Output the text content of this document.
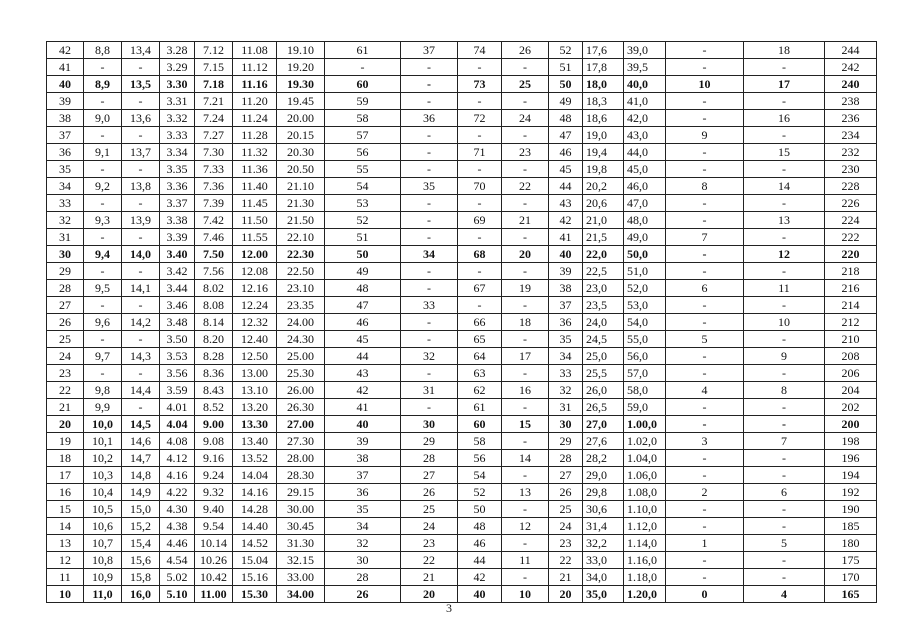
42	8,8	13,4	3.28	7.12	11.08	19.10	61	37	74	26	52	17,6	39,0	-	18	244
41	-	-	3.29	7.15	11.12	19.20	-	-	-	-	51	17,8	39,5	-	-	242
40	8,9	13,5	3.30	7.18	11.16	19.30	60	-	73	25	50	18,0	40,0	10	17	240
39	-	-	3.31	7.21	11.20	19.45	59	-	-	-	49	18,3	41,0	-	-	238
38	9,0	13,6	3.32	7.24	11.24	20.00	58	36	72	24	48	18,6	42,0	-	16	236
37	-	-	3.33	7.27	11.28	20.15	57	-	-	-	47	19,0	43,0	9	-	234
36	9,1	13,7	3.34	7.30	11.32	20.30	56	-	71	23	46	19,4	44,0	-	15	232
35	-	-	3.35	7.33	11.36	20.50	55	-	-	-	45	19,8	45,0	-	-	230
34	9,2	13,8	3.36	7.36	11.40	21.10	54	35	70	22	44	20,2	46,0	8	14	228
33	-	-	3.37	7.39	11.45	21.30	53	-	-	-	43	20,6	47,0	-	-	226
32	9,3	13,9	3.38	7.42	11.50	21.50	52	-	69	21	42	21,0	48,0	-	13	224
31	-	-	3.39	7.46	11.55	22.10	51	-	-	-	41	21,5	49,0	7	-	222
30	9,4	14,0	3.40	7.50	12.00	22.30	50	34	68	20	40	22,0	50,0	-	12	220
29	-	-	3.42	7.56	12.08	22.50	49	-	-	-	39	22,5	51,0	-	-	218
28	9,5	14,1	3.44	8.02	12.16	23.10	48	-	67	19	38	23,0	52,0	6	11	216
27	-	-	3.46	8.08	12.24	23.35	47	33	-	-	37	23,5	53,0	-	-	214
26	9,6	14,2	3.48	8.14	12.32	24.00	46	-	66	18	36	24,0	54,0	-	10	212
25	-	-	3.50	8.20	12.40	24.30	45	-	65	-	35	24,5	55,0	5	-	210
24	9,7	14,3	3.53	8.28	12.50	25.00	44	32	64	17	34	25,0	56,0	-	9	208
23	-	-	3.56	8.36	13.00	25.30	43	-	63	-	33	25,5	57,0	-	-	206
22	9,8	14,4	3.59	8.43	13.10	26.00	42	31	62	16	32	26,0	58,0	4	8	204
21	9,9	-	4.01	8.52	13.20	26.30	41	-	61	-	31	26,5	59,0	-	-	202
20	10,0	14,5	4.04	9.00	13.30	27.00	40	30	60	15	30	27,0	1.00,0	-	-	200
19	10,1	14,6	4.08	9.08	13.40	27.30	39	29	58	-	29	27,6	1.02,0	3	7	198
18	10,2	14,7	4.12	9.16	13.52	28.00	38	28	56	14	28	28,2	1.04,0	-	-	196
17	10,3	14,8	4.16	9.24	14.04	28.30	37	27	54	-	27	29,0	1.06,0	-	-	194
16	10,4	14,9	4.22	9.32	14.16	29.15	36	26	52	13	26	29,8	1.08,0	2	6	192
15	10,5	15,0	4.30	9.40	14.28	30.00	35	25	50	-	25	30,6	1.10,0	-	-	190
14	10,6	15,2	4.38	9.54	14.40	30.45	34	24	48	12	24	31,4	1.12,0	-	-	185
13	10,7	15,4	4.46	10.14	14.52	31.30	32	23	46	-	23	32,2	1.14,0	1	5	180
12	10,8	15,6	4.54	10.26	15.04	32.15	30	22	44	11	22	33,0	1.16,0	-	-	175
11	10,9	15,8	5.02	10.42	15.16	33.00	28	21	42	-	21	34,0	1.18,0	-	-	170
10	11,0	16,0	5.10	11.00	15.30	34.00	26	20	40	10	20	35,0	1.20,0	0	4	165
3
